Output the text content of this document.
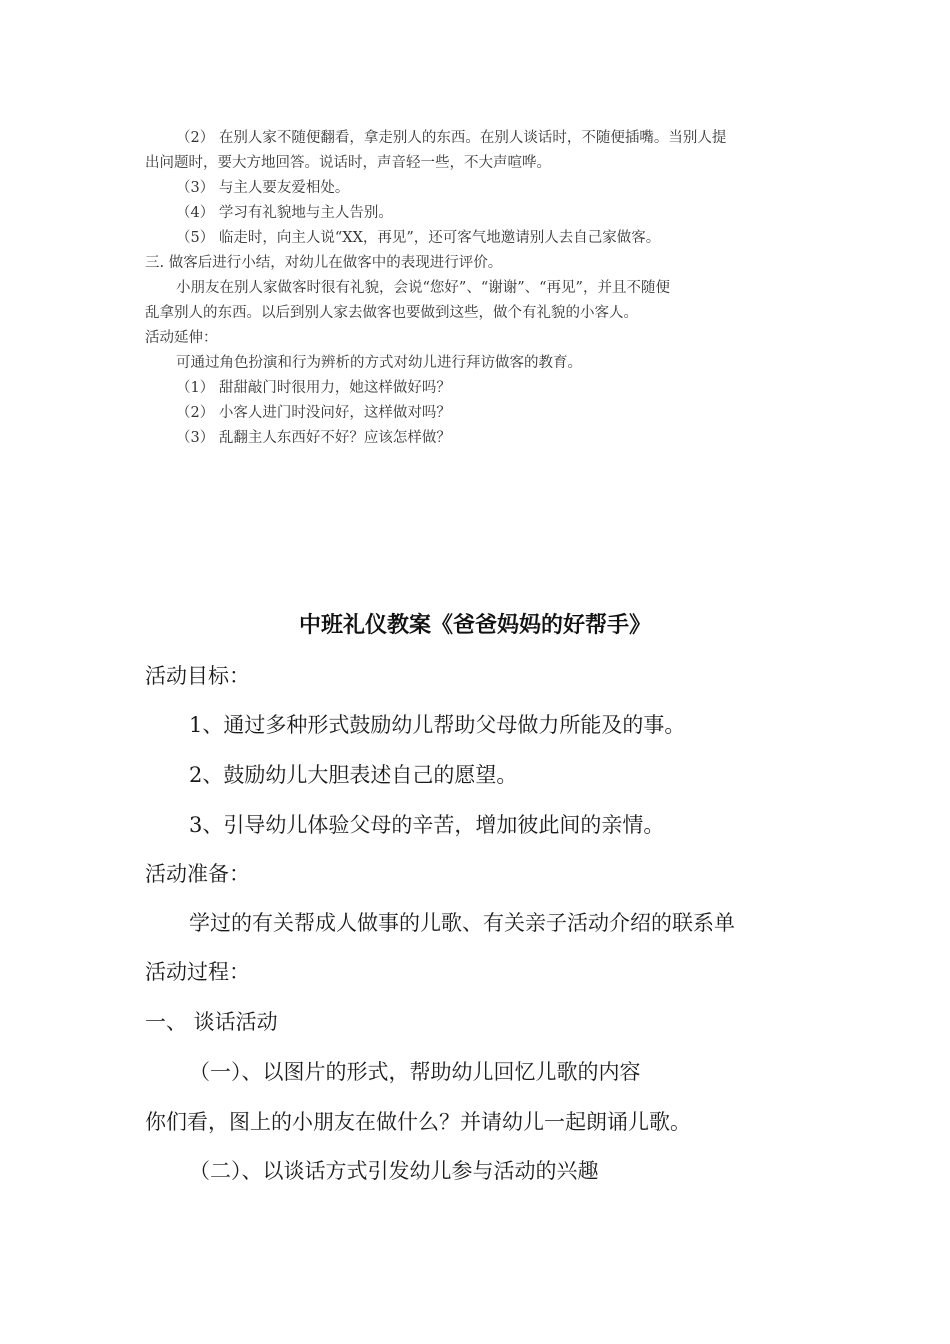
（2） 在别人家不随便翻看，拿走别人的东西。在别人谈话时，不随便插嘴。当别人提
出问题时，要大方地回答。说话时，声音轻一些，不大声喧哗。
（3） 与主人要友爱相处。
（4） 学习有礼貌地与主人告别。
（5） 临走时，向主人说“XX，再见”，还可客气地邀请别人去自己家做客。
三. 做客后进行小结，对幼儿在做客中的表现进行评价。
小朋友在别人家做客时很有礼貌，会说“您好”、“谢谢”、“再见”，并且不随便
乱拿别人的东西。以后到别人家去做客也要做到这些，做个有礼貌的小客人。
活动延伸：
可通过角色扮演和行为辨析的方式对幼儿进行拜访做客的教育。
（1） 甜甜敲门时很用力，她这样做好吗？
（2） 小客人进门时没问好，这样做对吗？
（3） 乱翻主人东西好不好？应该怎样做？
中班礼仪教案《爸爸妈妈的好帮手》
活动目标：
1、通过多种形式鼓励幼儿帮助父母做力所能及的事。
2、鼓励幼儿大胆表述自己的愿望。
3、引导幼儿体验父母的辛苦，增加彼此间的亲情。
活动准备：
学过的有关帮成人做事的儿歌、有关亲子活动介绍的联系单
活动过程：
一、 谈话活动
（一）、以图片的形式，帮助幼儿回忆儿歌的内容
你们看，图上的小朋友在做什么？并请幼儿一起朗诵儿歌。
（二）、以谈话方式引发幼儿参与活动的兴趣
